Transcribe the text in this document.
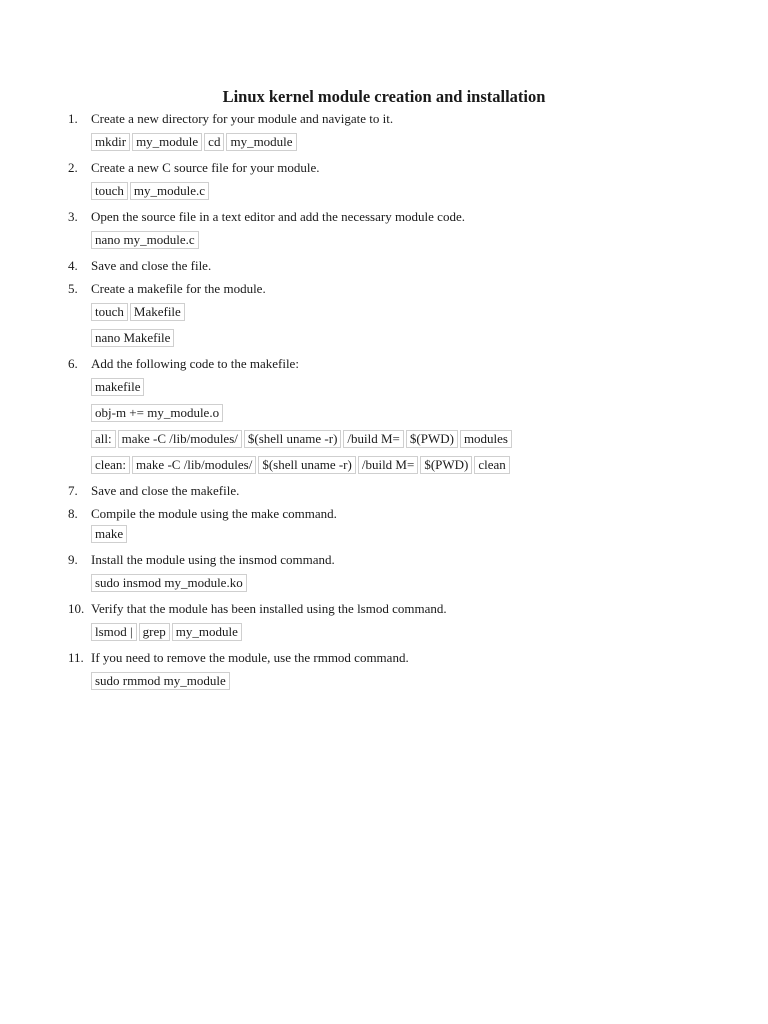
Linux kernel module creation and installation
1.	Create a new directory for your module and navigate to it.
mkdir my_module cd my_module
2.	Create a new C source file for your module.
touch my_module.c
3.	Open the source file in a text editor and add the necessary module code.
nano my_module.c
4.	Save and close the file.
5.	Create a makefile for the module.
touch Makefile
nano Makefile
6.	Add the following code to the makefile:
makefile
obj-m += my_module.o
all: make -C /lib/modules/ $(shell uname -r) /build M= $(PWD) modules
clean: make -C /lib/modules/ $(shell uname -r) /build M= $(PWD) clean
7.	Save and close the makefile.
8.	Compile the module using the make command.
make
9.	Install the module using the insmod command.
sudo insmod my_module.ko
10. Verify that the module has been installed using the lsmod command.
lsmod | grep my_module
11. If you need to remove the module, use the rmmod command.
sudo rmmod my_module
